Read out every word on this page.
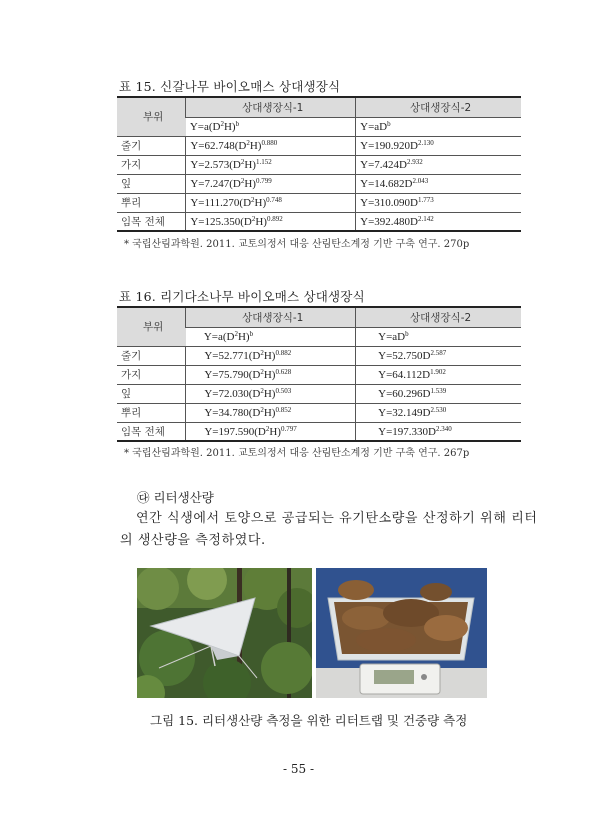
표 15. 신갈나무 바이오매스 상대생장식
부위	상대생장식-1	상대생장식-2
	$Y=a(D^2H)^b$	$Y=aD^b$
줄기	$Y=62.748(D^2H)^{0.880}$	$Y=190.920D^{2.130}$
가지	$Y=2.573(D^2H)^{1.152}$	$Y=7.424D^{2.932}$
잎	$Y=7.247(D^2H)^{0.799}$	$Y=14.682D^{2.043}$
뿌리	$Y=111.270(D^2H)^{0.748}$	$Y=310.090D^{1.773}$
임목 전체	$Y=125.350(D^2H)^{0.892}$	$Y=392.480D^{2.142}$
* 국립산림과학원. 2011. 교토의정서 대응 산림탄소계정 기반 구축 연구. 270p
표 16. 리기다소나무 바이오매스 상대생장식
부위	상대생장식-1	상대생장식-2
	$Y=a(D^2H)^b$	$Y=aD^b$
줄기	$Y=52.771(D^2H)^{0.882}$	$Y=52.750D^{2.587}$
가지	$Y=75.790(D^2H)^{0.628}$	$Y=64.112D^{1.902}$
잎	$Y=72.030(D^2H)^{0.503}$	$Y=60.296D^{1.539}$
뿌리	$Y=34.780(D^2H)^{0.852}$	$Y=32.149D^{2.530}$
임목 전체	$Y=197.590(D^2H)^{0.797}$	$Y=197.330D^{2.340}$
* 국립산림과학원. 2011. 교토의정서 대응 산림탄소계정 기반 구축 연구. 267p
㉰ 리터생산량
연간 식생에서 토양으로 공급되는 유기탄소량을 산정하기 위해 리터
의 생산량을 측정하였다.
그림 15. 리터생산량 측정을 위한 리터트랩 및 건중량 측정
- 55 -
